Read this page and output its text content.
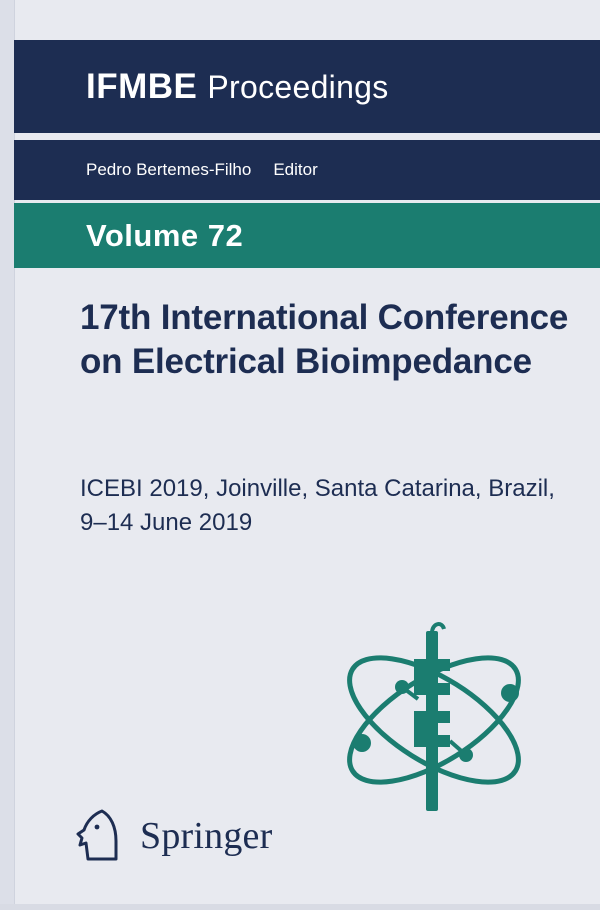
IFMBE Proceedings
Pedro Bertemes-Filho Editor
Volume 72
17th International Conference on Electrical Bioimpedance
ICEBI 2019, Joinville, Santa Catarina, Brazil, 9–14 June 2019
Springer
